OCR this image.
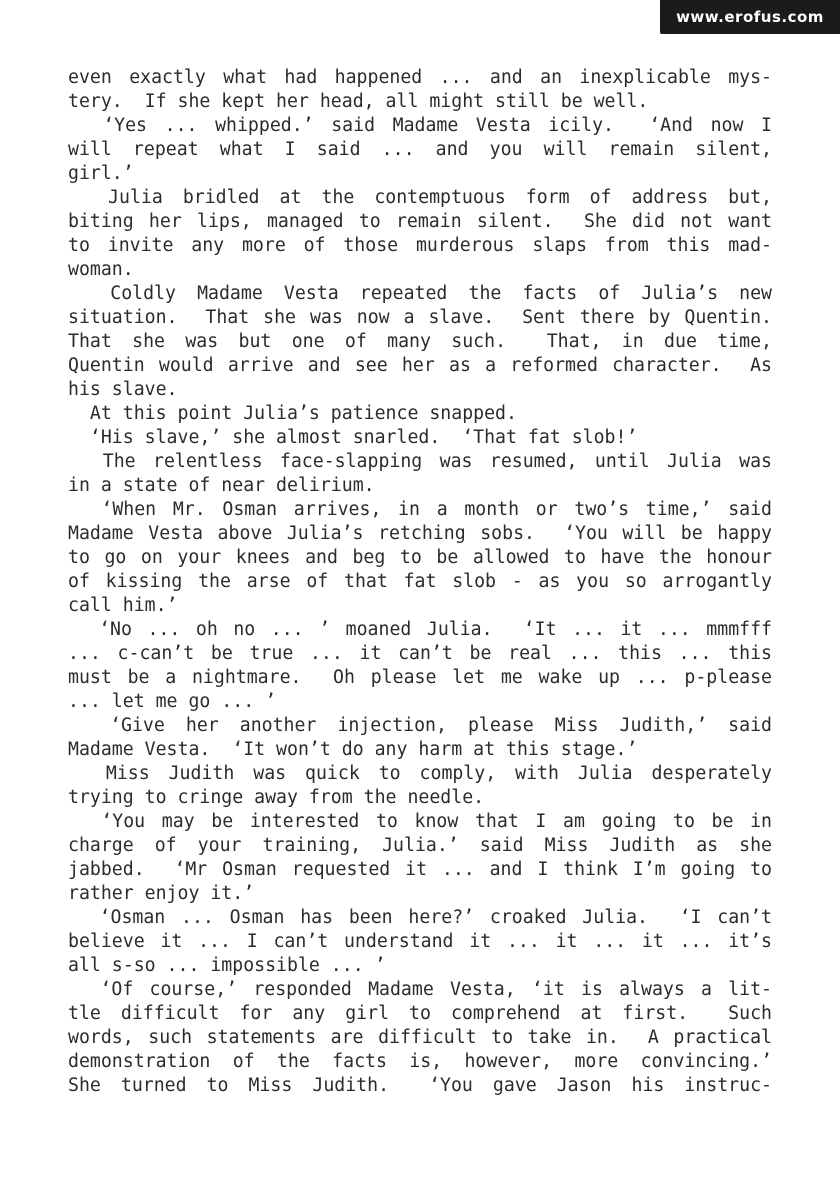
www.erofus.com
even exactly what had happened ... and an inexplicable mys-
tery.  If she kept her head, all might still be well.
‘Yes ... whipped.’ said Madame Vesta icily.  ‘And now I
will repeat what I said ... and you will remain silent,
girl.’
Julia bridled at the contemptuous form of address but,
biting her lips, managed to remain silent.  She did not want
to invite any more of those murderous slaps from this mad-
woman.
Coldly Madame Vesta repeated the facts of Julia’s new
situation.  That she was now a slave.  Sent there by Quentin.
That she was but one of many such.  That, in due time,
Quentin would arrive and see her as a reformed character.  As
his slave.
At this point Julia’s patience snapped.
‘His slave,’ she almost snarled.  ‘That fat slob!’
The relentless face-slapping was resumed, until Julia was
in a state of near delirium.
‘When Mr. Osman arrives, in a month or two’s time,’ said
Madame Vesta above Julia’s retching sobs.  ‘You will be happy
to go on your knees and beg to be allowed to have the honour
of kissing the arse of that fat slob - as you so arrogantly
call him.’
‘No ... oh no ... ’ moaned Julia.  ‘It ... it ... mmmfff
... c-can’t be true ... it can’t be real ... this ... this
must be a nightmare.  Oh please let me wake up ... p-please
... let me go ... ’
‘Give her another injection, please Miss Judith,’ said
Madame Vesta.  ‘It won’t do any harm at this stage.’
Miss Judith was quick to comply, with Julia desperately
trying to cringe away from the needle.
‘You may be interested to know that I am going to be in
charge of your training, Julia.’ said Miss Judith as she
jabbed.  ‘Mr Osman requested it ... and I think I’m going to
rather enjoy it.’
‘Osman ... Osman has been here?’ croaked Julia.  ‘I can’t
believe it ... I can’t understand it ... it ... it ... it’s
all s-so ... impossible ... ’
‘Of course,’ responded Madame Vesta, ‘it is always a lit-
tle difficult for any girl to comprehend at first.  Such
words, such statements are difficult to take in.  A practical
demonstration of the facts is, however, more convincing.’
She turned to Miss Judith.  ‘You gave Jason his instruc-
